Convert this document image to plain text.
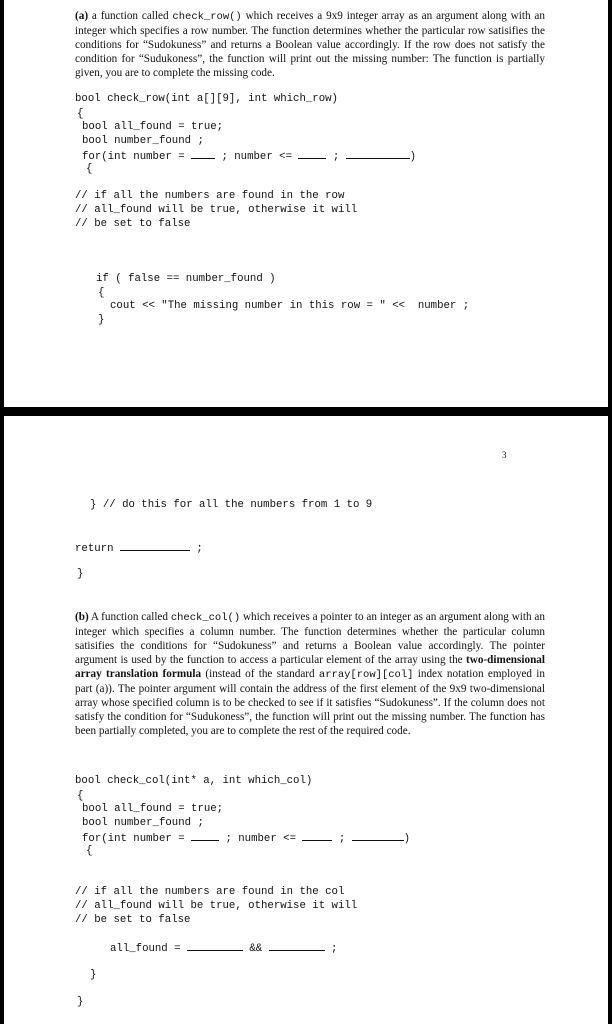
(a) a function called check_row() which receives a 9x9 integer array as an argument along with an integer which specifies a row number. The function determines whether the particular row satisifies the conditions for “Sudokuness” and returns a Boolean value accordingly. If the row does not satisfy the condition for “Sudukoness”, the function will print out the missing number: The function is partially given, you are to complete the missing code.

bool check_row(int a[][9], int which_row)
{
bool all_found = true;
bool number_found ;
for(int number =  ; number <=	;	)
{
// if all the numbers are found in the row
// all_found will be true, otherwise it will
// be set to false
if ( false == number_found )
{
cout << "The missing number in this row = " <<  number ;
}
3
} // do this for all the numbers from 1 to 9
return	;
}

(b) A function called check_col() which receives a pointer to an integer as an argument along with an integer which specifies a column number. The function determines whether the particular column satisifies the conditions for “Sudokuness” and returns a Boolean value accordingly. The pointer argument is used by the function to access a particular element of the array using the two-dimensional array translation formula (instead of the standard array[row][col] index notation employed in part (a)). The pointer argument will contain the address of the first element of the 9x9 two-dimensional array whose specified column is to be checked to see if it satisfies “Sudokuness”. If the column does not satisfy the condition for “Sudukoness”, the function will print out the missing number. The function has been partially completed, you are to complete the rest of the required code.

bool check_col(int* a, int which_col)
{
bool all_found = true;
bool number_found ;
for(int number =	; number <=	;	)
{
// if all the numbers are found in the col
// all_found will be true, otherwise it will
// be set to false
all_found =	&&	;
}
}
